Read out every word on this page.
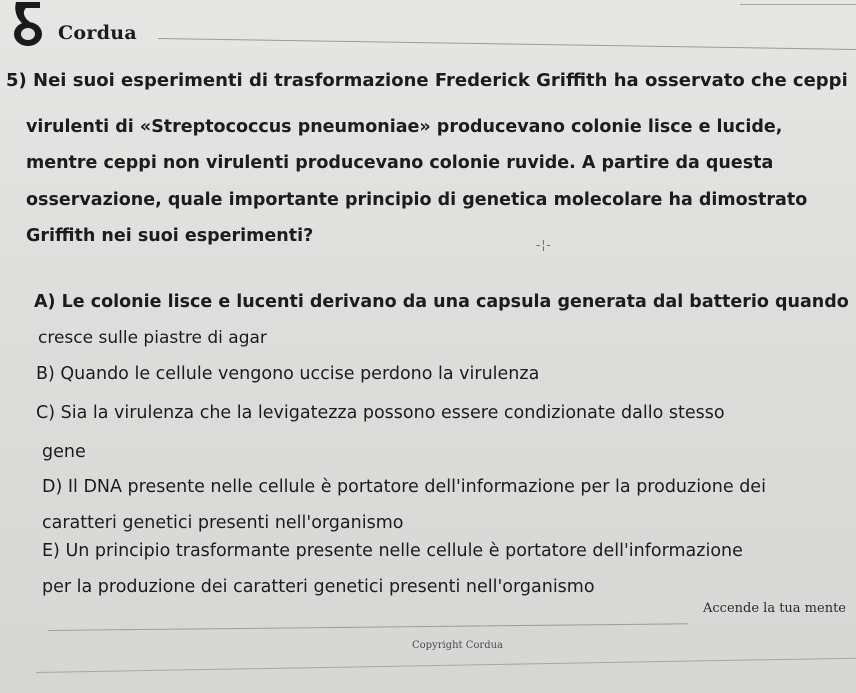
Cordua
5) Nei suoi esperimenti di trasformazione Frederick Griffith ha osservato che ceppi
virulenti di «Streptococcus pneumoniae» producevano colonie lisce e lucide,
mentre ceppi non virulenti producevano colonie ruvide. A partire da questa
osservazione, quale importante principio di genetica molecolare ha dimostrato
Griffith nei suoi esperimenti?	-¦-
A) Le colonie lisce e lucenti derivano da una capsula generata dal batterio quando
cresce sulle piastre di agar
B) Quando le cellule vengono uccise perdono la virulenza
C) Sia la virulenza che la levigatezza possono essere condizionate dallo stesso
gene
D) Il DNA presente nelle cellule è portatore dell'informazione per la produzione dei
caratteri genetici presenti nell'organismo
E) Un principio trasformante presente nelle cellule è portatore dell'informazione
per la produzione dei caratteri genetici presenti nell'organismo
Accende la tua mente
Copyright Cordua
